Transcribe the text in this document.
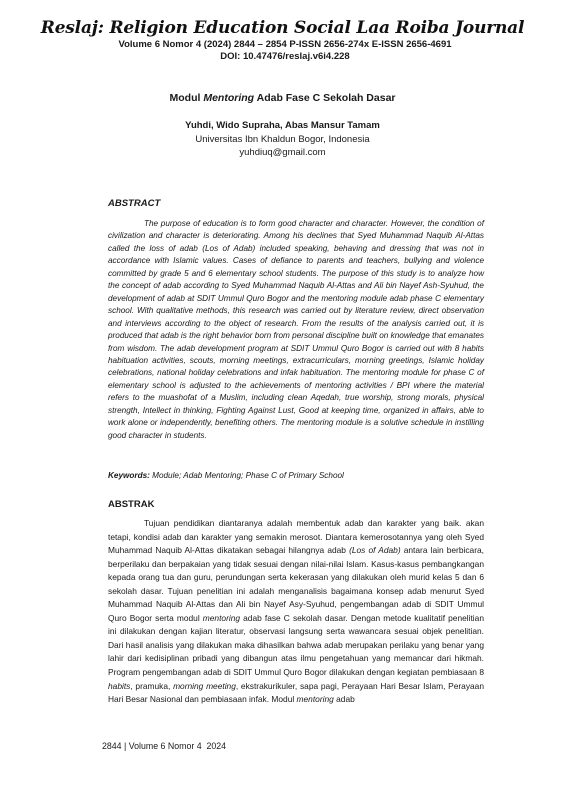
Reslaj: Religion Education Social Laa Roiba Journal
Volume 6 Nomor 4 (2024) 2844 – 2854 P-ISSN 2656-274x E-ISSN 2656-4691
DOI: 10.47476/reslaj.v6i4.228
Modul Mentoring Adab Fase C Sekolah Dasar
Yuhdi, Wido Supraha, Abas Mansur Tamam
Universitas Ibn Khaldun Bogor, Indonesia
yuhdiuq@gmail.com
ABSTRACT

The purpose of education is to form good character and character. However, the condition of civilization and character is deteriorating. Among his declines that Syed Muhammad Naquib Al-Attas called the loss of adab (Los of Adab) included speaking, behaving and dressing that was not in accordance with Islamic values. Cases of defiance to parents and teachers, bullying and violence committed by grade 5 and 6 elementary school students. The purpose of this study is to analyze how the concept of adab according to Syed Muhammad Naquib Al-Attas and Ali bin Nayef Ash-Syuhud, the development of adab at SDIT Ummul Quro Bogor and the mentoring module adab phase C elementary school. With qualitative methods, this research was carried out by literature review, direct observation and interviews according to the object of research. From the results of the analysis carried out, it is produced that adab is the right behavior born from personal discipline built on knowledge that emanates from wisdom. The adab development program at SDIT Ummul Quro Bogor is carried out with 8 habits habituation activities, scouts, morning meetings, extracurriculars, morning greetings, Islamic holiday celebrations, national holiday celebrations and infak habituation. The mentoring module for phase C of elementary school is adjusted to the achievements of mentoring activities / BPI where the material refers to the muashofat of a Muslim, including clean Aqedah, true worship, strong morals, physical strength, Intellect in thinking, Fighting Against Lust, Good at keeping time, organized in affairs, able to work alone or independently, benefiting others. The mentoring module is a solutive schedule in instilling good character in students.

Keywords: Module; Adab Mentoring; Phase C of Primary School
ABSTRAK

Tujuan pendidikan diantaranya adalah membentuk adab dan karakter yang baik. akan tetapi, kondisi adab dan karakter yang semakin merosot. Diantara kemerosotannya yang oleh Syed Muhammad Naquib Al-Attas dikatakan sebagai hilangnya adab (Los of Adab) antara lain berbicara, berperilaku dan berpakaian yang tidak sesuai dengan nilai-nilai Islam. Kasus-kasus pembangkangan kepada orang tua dan guru, perundungan serta kekerasan yang dilakukan oleh murid kelas 5 dan 6 sekolah dasar. Tujuan penelitian ini adalah menganalisis bagaimana konsep adab menurut Syed Muhammad Naquib Al-Attas dan Ali bin Nayef Asy-Syuhud, pengembangan adab di SDIT Ummul Quro Bogor serta modul mentoring adab fase C sekolah dasar. Dengan metode kualitatif penelitian ini dilakukan dengan kajian literatur, observasi langsung serta wawancara sesuai objek penelitian. Dari hasil analisis yang dilakukan maka dihasilkan bahwa adab merupakan perilaku yang benar yang lahir dari kedisiplinan pribadi yang dibangun atas ilmu pengetahuan yang memancar dari hikmah. Program pengembangan adab di SDIT Ummul Quro Bogor dilakukan dengan kegiatan pembiasaan 8 habits, pramuka, morning meeting, ekstrakurikuler, sapa pagi, Perayaan Hari Besar Islam, Perayaan Hari Besar Nasional dan pembiasaan infak. Modul mentoring adab

2844 | Volume 6 Nomor 4  2024
